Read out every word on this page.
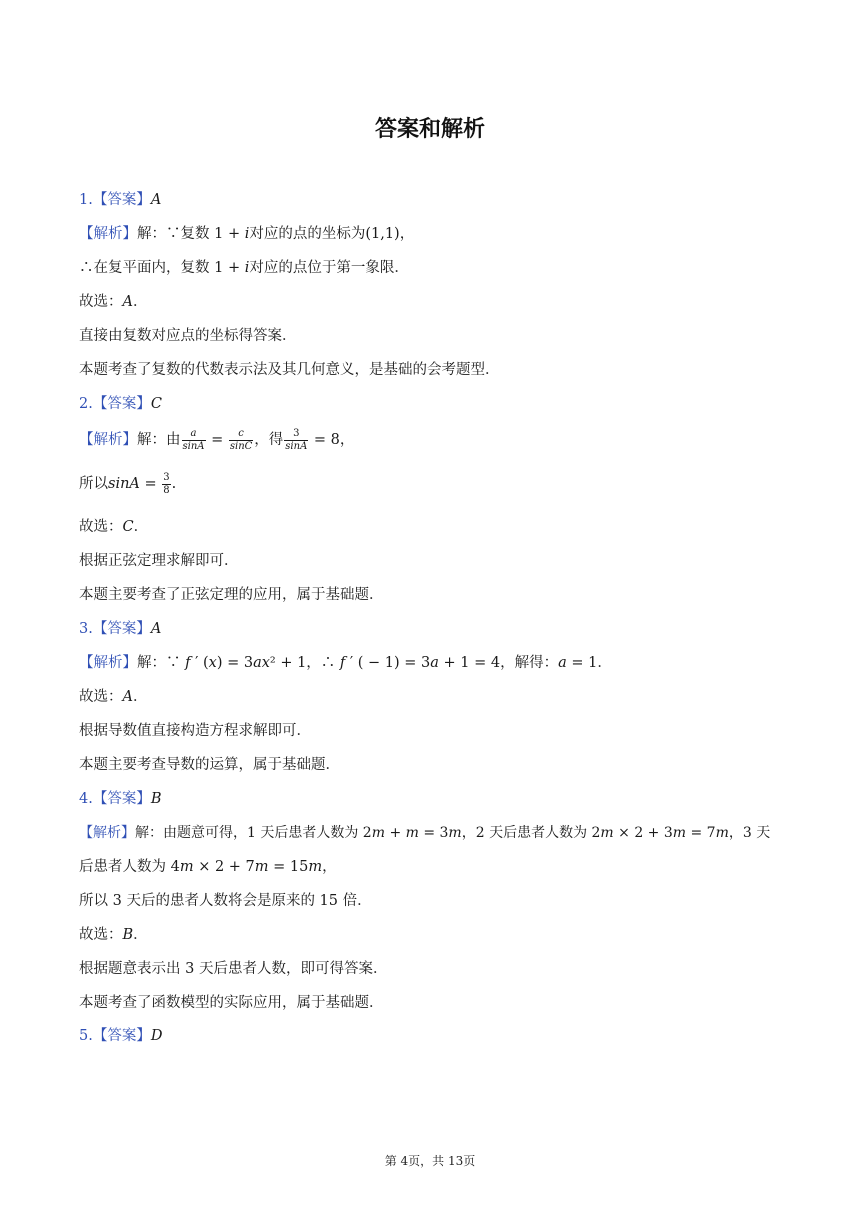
答案和解析
1.【答案】A
【解析】解：∵复数 1 + 𝑖对应的点的坐标为(1,1)，
∴在复平面内，复数 1 + 𝑖对应的点位于第一象限．
故选：𝐴．
直接由复数对应点的坐标得答案．
本题考查了复数的代数表示法及其几何意义，是基础的会考题型．
2.【答案】C
【解析】解：由 $\frac{\text{𝑎}}{\text{𝑠𝑖𝑛𝐴}} = \frac{\text{𝑐}}{\text{𝑠𝑖𝑛𝐶}}$ ，得 $\frac{3}{\text{𝑠𝑖𝑛𝐴}} = 8$，
所以𝑠𝑖𝑛𝐴 = $\frac{3}{8}$ .
故选：𝐶．
根据正弦定理求解即可．
本题主要考查了正弦定理的应用，属于基础题．
3.【答案】A
【解析】解：∵ 𝑓 ′ (𝑥) = 3𝑎𝑥² + 1，∴ 𝑓 ′ ( − 1) = 3𝑎 + 1 = 4，解得：𝑎 = 1．
故选：𝐴．
根据导数值直接构造方程求解即可．
本题主要考查导数的运算，属于基础题．
4.【答案】B
【解析】解：由题意可得，1 天后患者人数为 2𝑚 + 𝑚 = 3𝑚，2 天后患者人数为 2𝑚 × 2 + 3𝑚 = 7𝑚，3 天
后患者人数为 4𝑚 × 2 + 7𝑚 = 15𝑚，
所以 3 天后的患者人数将会是原来的 15 倍．
故选：𝐵．
根据题意表示出 3 天后患者人数，即可得答案．
本题考查了函数模型的实际应用，属于基础题．
5.【答案】D
第 4页，共 13页
